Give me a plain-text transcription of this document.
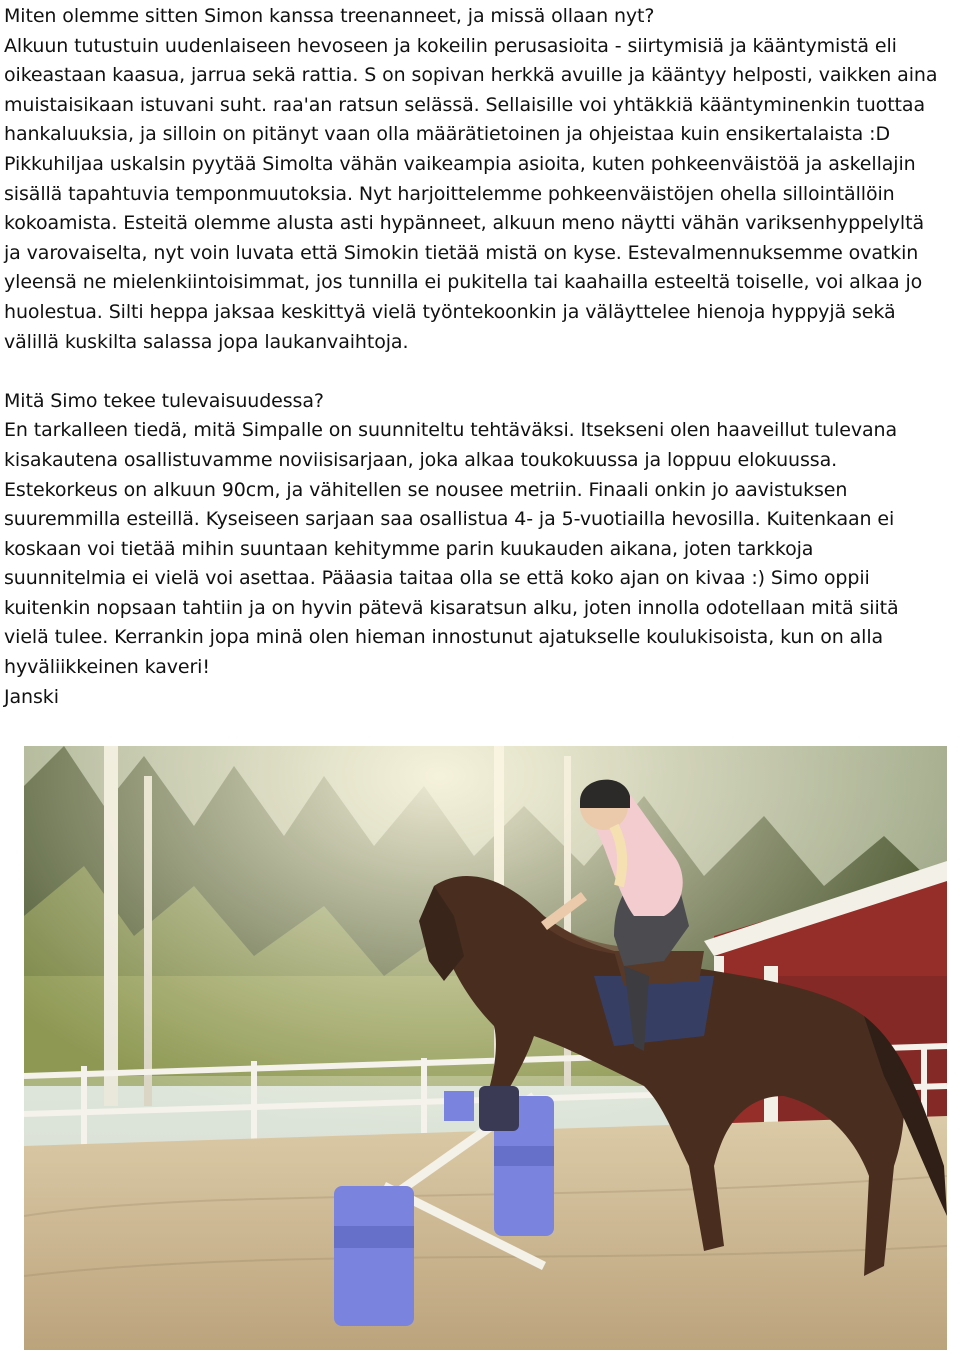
Miten olemme sitten Simon kanssa treenanneet, ja missä ollaan nyt?
Alkuun tutustuin uudenlaiseen hevoseen ja kokeilin perusasioita - siirtymisiä ja kääntymistä eli
oikeastaan kaasua, jarrua sekä rattia. S on sopivan herkkä avuille ja kääntyy helposti, vaikken aina
muistaisikaan istuvani suht. raa'an ratsun selässä. Sellaisille voi yhtäkkiä kääntyminenkin tuottaa
hankaluuksia, ja silloin on pitänyt vaan olla määrätietoinen ja ohjeistaa kuin ensikertalaista :D
Pikkuhiljaa uskalsin pyytää Simolta vähän vaikeampia asioita, kuten pohkeenväistöä ja askellajin
sisällä tapahtuvia temponmuutoksia. Nyt harjoittelemme pohkeenväistöjen ohella sillointällöin
kokoamista. Esteitä olemme alusta asti hypänneet, alkuun meno näytti vähän variksenhyppelyltä
ja varovaiselta, nyt voin luvata että Simokin tietää mistä on kyse. Estevalmennuksemme ovatkin
yleensä ne mielenkiintoisimmat, jos tunnilla ei pukitella tai kaahailla esteeltä toiselle, voi alkaa jo
huolestua. Silti heppa jaksaa keskittyä vielä työntekoonkin ja väläyttelee hienoja hyppyjä sekä
välillä kuskilta salassa jopa laukanvaihtoja.

Mitä Simo tekee tulevaisuudessa?
En tarkalleen tiedä, mitä Simpalle on suunniteltu tehtäväksi. Itsekseni olen haaveillut tulevana
kisakautena osallistuvamme noviisisarjaan, joka alkaa toukokuussa ja loppuu elokuussa.
Estekorkeus on alkuun 90cm, ja vähitellen se nousee metriin. Finaali onkin jo aavistuksen
suuremmilla esteillä. Kyseiseen sarjaan saa osallistua 4- ja 5-vuotiailla hevosilla. Kuitenkaan ei
koskaan voi tietää mihin suuntaan kehitymme parin kuukauden aikana, joten tarkkoja
suunnitelmia ei vielä voi asettaa. Pääasia taitaa olla se että koko ajan on kivaa :) Simo oppii
kuitenkin nopsaan tahtiin ja on hyvin pätevä kisaratsun alku, joten innolla odotellaan mitä siitä
vielä tulee. Kerrankin jopa minä olen hieman innostunut ajatukselle koulukisoista, kun on alla
hyväliikkeinen kaveri!
Janski
